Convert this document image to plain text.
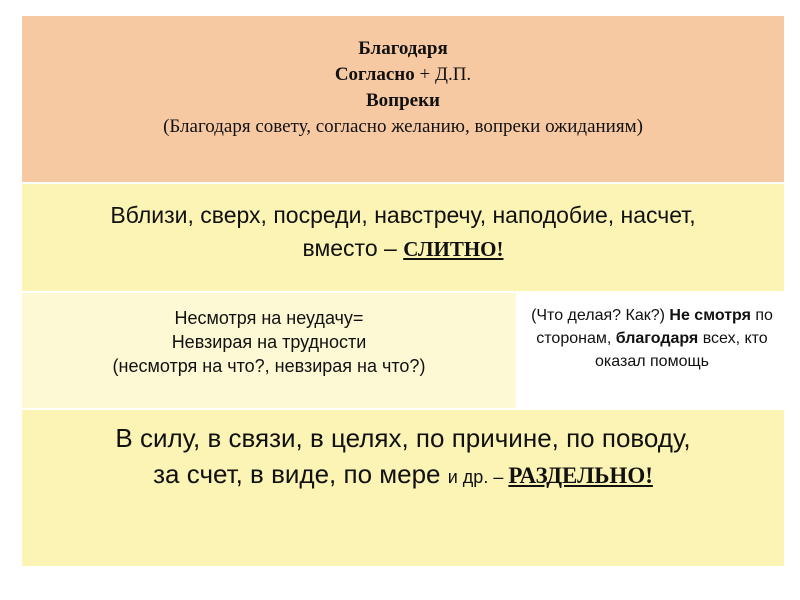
Благодаря
Согласно + Д.П.
Вопреки
(Благодаря совету, согласно желанию, вопреки ожиданиям)
Вблизи, сверх, посреди, навстречу, наподобие, насчет,
вместо – СЛИТНО!
Несмотря на неудачу=
Невзирая на трудности
(несмотря на что?, невзирая на что?)
(Что делая? Как?) Не смотря по сторонам, благодаря всех, кто оказал помощь
В силу, в связи, в целях, по причине, по поводу,
за счет, в виде, по мере и др. – РАЗДЕЛЬНО!
